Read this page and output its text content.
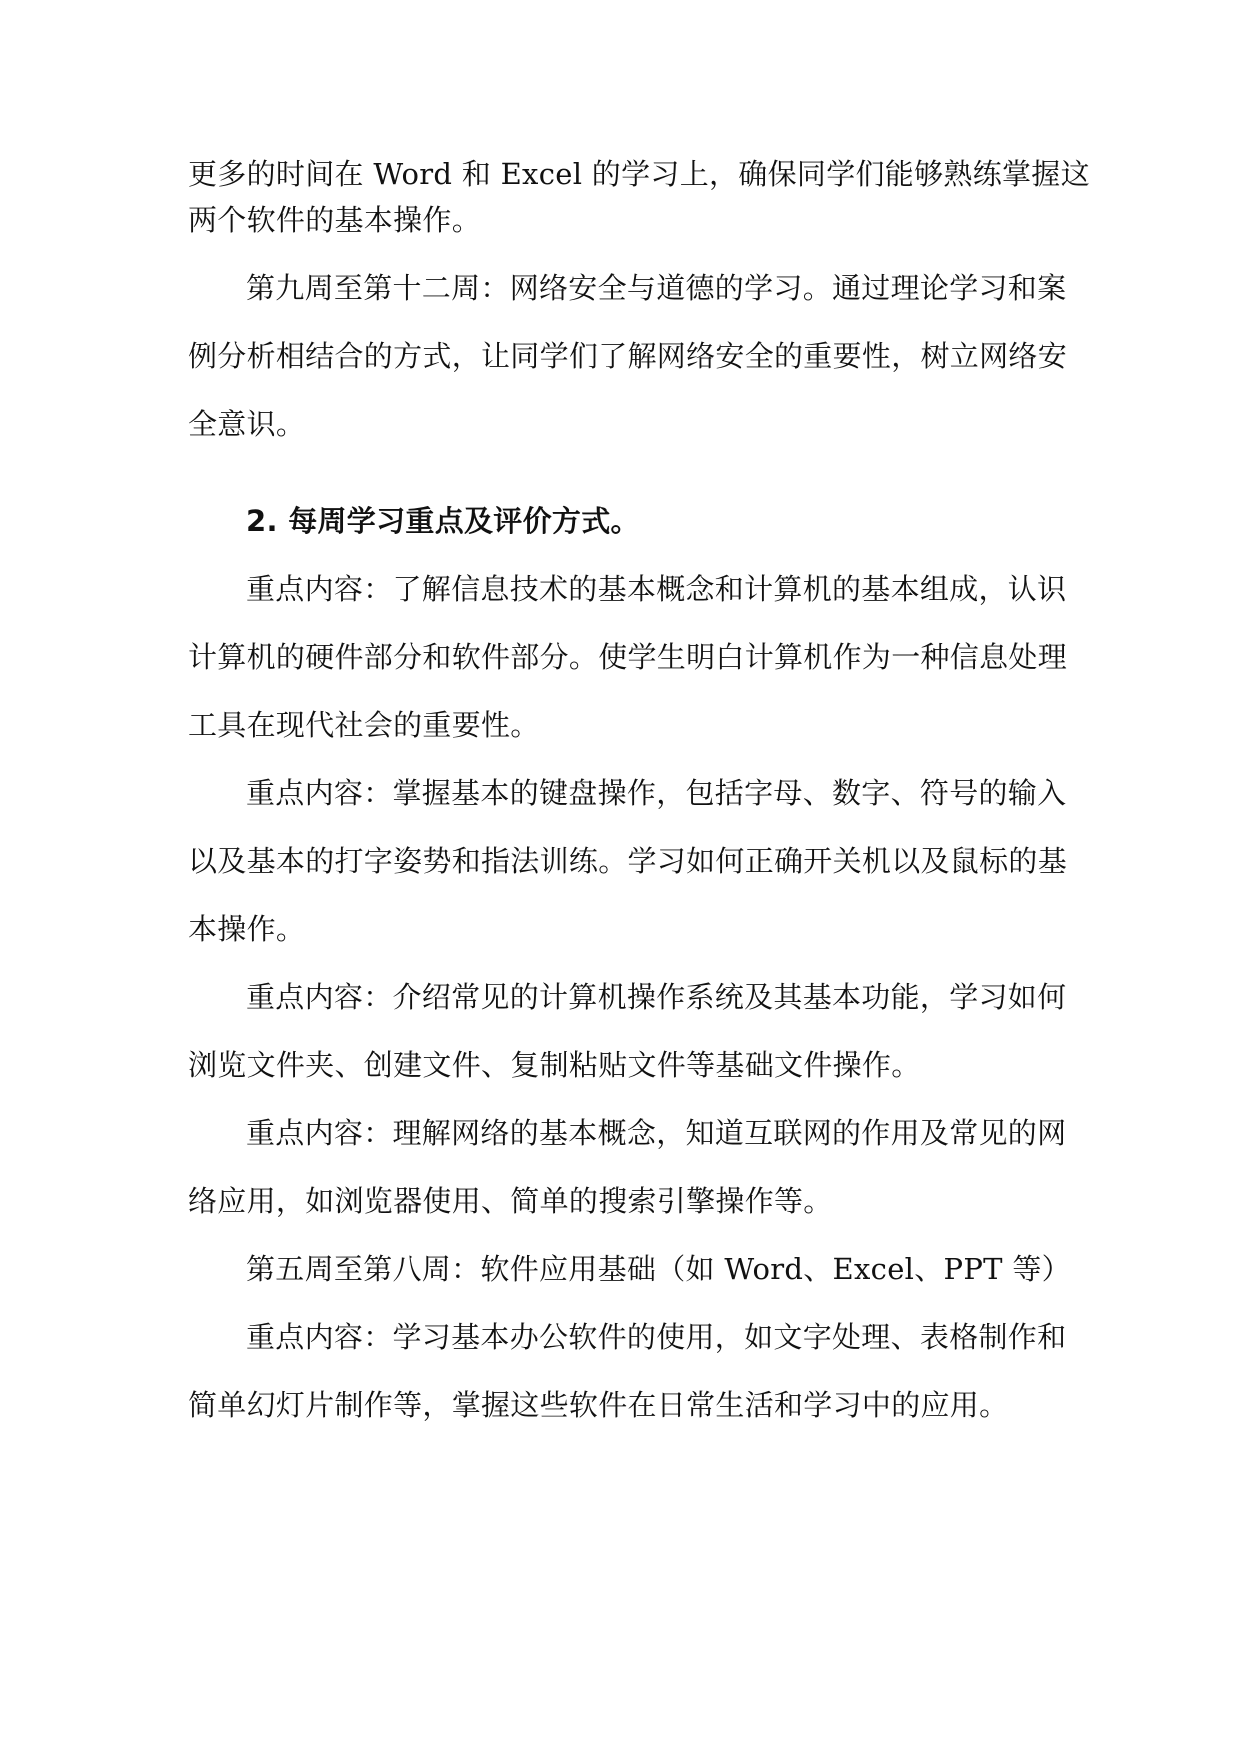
更多的时间在 Word 和 Excel 的学习上，确保同学们能够熟练掌握这

两个软件的基本操作。

第九周至第十二周：网络安全与道德的学习。通过理论学习和案

例分析相结合的方式，让同学们了解网络安全的重要性，树立网络安

全意识。

2. 每周学习重点及评价方式。

重点内容：了解信息技术的基本概念和计算机的基本组成，认识

计算机的硬件部分和软件部分。使学生明白计算机作为一种信息处理

工具在现代社会的重要性。

重点内容：掌握基本的键盘操作，包括字母、数字、符号的输入

以及基本的打字姿势和指法训练。学习如何正确开关机以及鼠标的基

本操作。

重点内容：介绍常见的计算机操作系统及其基本功能，学习如何

浏览文件夹、创建文件、复制粘贴文件等基础文件操作。

重点内容：理解网络的基本概念，知道互联网的作用及常见的网

络应用，如浏览器使用、简单的搜索引擎操作等。

第五周至第八周：软件应用基础（如 Word、Excel、PPT 等）

重点内容：学习基本办公软件的使用，如文字处理、表格制作和

简单幻灯片制作等，掌握这些软件在日常生活和学习中的应用。
